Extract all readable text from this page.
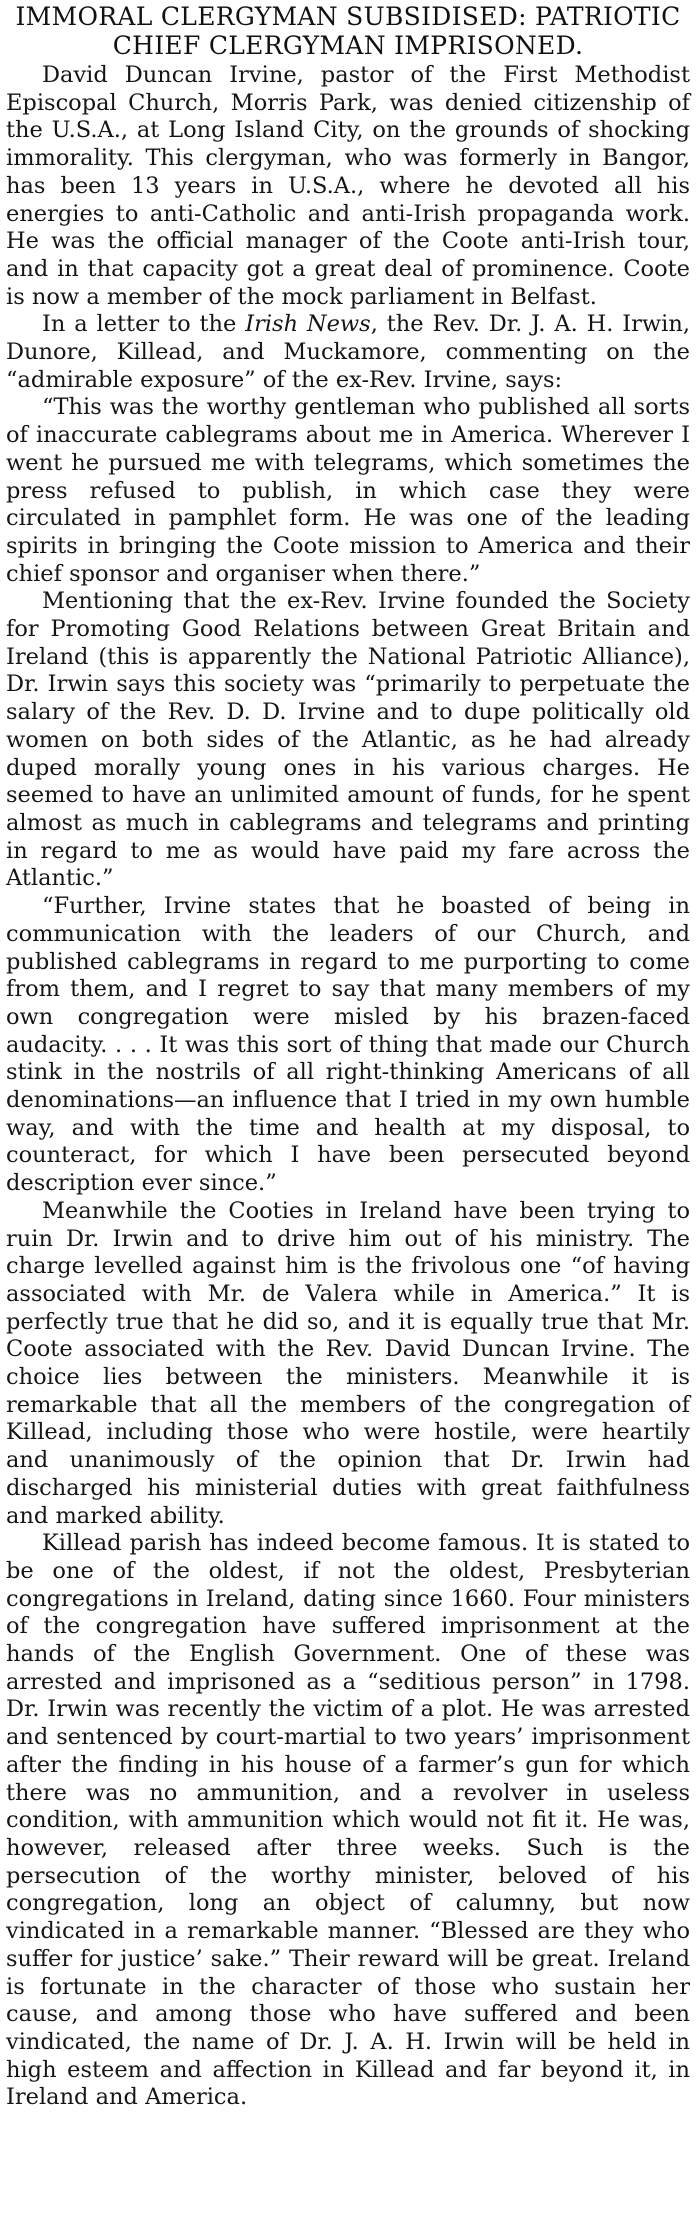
IMMORAL CLERGYMAN SUBSIDISED: PATRIOTIC
CHIEF CLERGYMAN IMPRISONED.

David Duncan Irvine, pastor of the First Methodist Episcopal Church, Morris Park, was denied citizenship of the U.S.A., at Long Island City, on the grounds of shocking immorality. This clergyman, who was formerly in Bangor, has been 13 years in U.S.A., where he devoted all his energies to anti-Catholic and anti-Irish propaganda work. He was the official manager of the Coote anti-Irish tour, and in that capacity got a great deal of prominence. Coote is now a member of the mock parliament in Belfast.

In a letter to the Irish News, the Rev. Dr. J. A. H. Irwin, Dunore, Killead, and Muckamore, commenting on the “admirable exposure” of the ex-Rev. Irvine, says:

“This was the worthy gentleman who published all sorts of inaccurate cablegrams about me in America. Wherever I went he pursued me with telegrams, which sometimes the press refused to publish, in which case they were circulated in pamphlet form. He was one of the leading spirits in bringing the Coote mission to America and their chief sponsor and organiser when there.”

Mentioning that the ex-Rev. Irvine founded the Society for Promoting Good Relations between Great Britain and Ireland (this is apparently the National Patriotic Alliance), Dr. Irwin says this society was “primarily to perpetuate the salary of the Rev. D. D. Irvine and to dupe politically old women on both sides of the Atlantic, as he had already duped morally young ones in his various charges. He seemed to have an unlimited amount of funds, for he spent almost as much in cablegrams and telegrams and printing in regard to me as would have paid my fare across the Atlantic.”

“Further, Irvine states that he boasted of being in communication with the leaders of our Church, and published cablegrams in regard to me purporting to come from them, and I regret to say that many members of my own congregation were misled by his brazen-faced audacity. . . . It was this sort of thing that made our Church stink in the nostrils of all right-thinking Americans of all denominations—an influence that I tried in my own humble way, and with the time and health at my disposal, to counteract, for which I have been persecuted beyond description ever since.”

Meanwhile the Cooties in Ireland have been trying to ruin Dr. Irwin and to drive him out of his ministry. The charge levelled against him is the frivolous one “of having associated with Mr. de Valera while in America.” It is perfectly true that he did so, and it is equally true that Mr. Coote associated with the Rev. David Duncan Irvine. The choice lies between the ministers. Meanwhile it is remarkable that all the members of the congregation of Killead, including those who were hostile, were heartily and unanimously of the opinion that Dr. Irwin had discharged his ministerial duties with great faithfulness and marked ability.

Killead parish has indeed become famous. It is stated to be one of the oldest, if not the oldest, Presbyterian congregations in Ireland, dating since 1660. Four ministers of the congregation have suffered imprisonment at the hands of the English Government. One of these was arrested and imprisoned as a “seditious person” in 1798. Dr. Irwin was recently the victim of a plot. He was arrested and sentenced by court-martial to two years’ imprisonment after the finding in his house of a farmer’s gun for which there was no ammunition, and a revolver in useless condition, with ammunition which would not fit it. He was, however, released after three weeks. Such is the persecution of the worthy minister, beloved of his congregation, long an object of calumny, but now vindicated in a remarkable manner. “Blessed are they who suffer for justice’ sake.” Their reward will be great. Ireland is fortunate in the character of those who sustain her cause, and among those who have suffered and been vindicated, the name of Dr. J. A. H. Irwin will be held in high esteem and affection in Killead and far beyond it, in Ireland and America.
